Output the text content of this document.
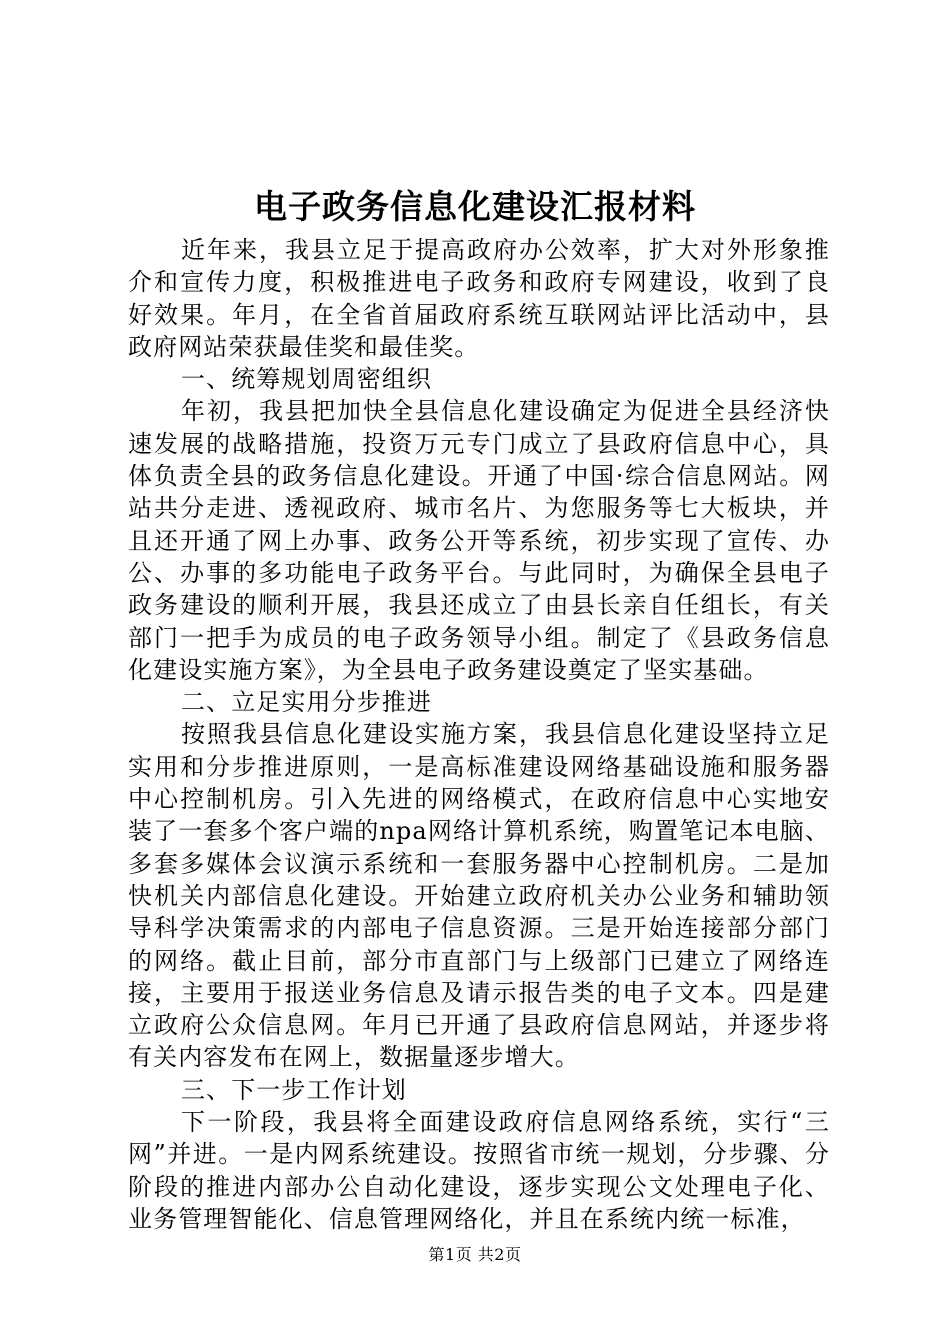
电子政务信息化建设汇报材料

近年来，我县立足于提高政府办公效率，扩大对外形象推介和宣传力度，积极推进电子政务和政府专网建设，收到了良好效果。年月，在全省首届政府系统互联网站评比活动中，县政府网站荣获最佳奖和最佳奖。

一、统筹规划周密组织

年初，我县把加快全县信息化建设确定为促进全县经济快速发展的战略措施，投资万元专门成立了县政府信息中心，具体负责全县的政务信息化建设。开通了中国·综合信息网站。网站共分走进、透视政府、城市名片、为您服务等七大板块，并且还开通了网上办事、政务公开等系统，初步实现了宣传、办公、办事的多功能电子政务平台。与此同时，为确保全县电子政务建设的顺利开展，我县还成立了由县长亲自任组长，有关部门一把手为成员的电子政务领导小组。制定了《县政务信息化建设实施方案》，为全县电子政务建设奠定了坚实基础。

二、立足实用分步推进

按照我县信息化建设实施方案，我县信息化建设坚持立足实用和分步推进原则，一是高标准建设网络基础设施和服务器中心控制机房。引入先进的网络模式，在政府信息中心实地安装了一套多个客户端的npa网络计算机系统，购置笔记本电脑、多套多媒体会议演示系统和一套服务器中心控制机房。二是加快机关内部信息化建设。开始建立政府机关办公业务和辅助领导科学决策需求的内部电子信息资源。三是开始连接部分部门的网络。截止目前，部分市直部门与上级部门已建立了网络连接，主要用于报送业务信息及请示报告类的电子文本。四是建立政府公众信息网。年月已开通了县政府信息网站，并逐步将有关内容发布在网上，数据量逐步增大。

三、下一步工作计划

下一阶段，我县将全面建设政府信息网络系统，实行“三网”并进。一是内网系统建设。按照省市统一规划，分步骤、分阶段的推进内部办公自动化建设，逐步实现公文处理电子化、业务管理智能化、信息管理网络化，并且在系统内统一标准，

第1页 共2页
